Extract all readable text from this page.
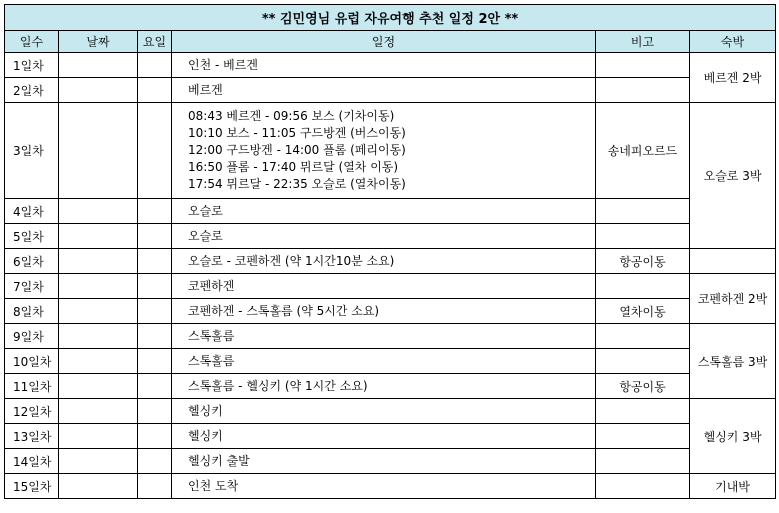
** 김민영님 유럽 자유여행 추천 일정 2안 **					
일수	날짜	요일	일정	비고	숙박
1일차			인천 - 베르겐		베르겐 2박
2일차			베르겐		

3일차			08:43 베르겐 - 09:56 보스 (기차이동)
10:10 보스 - 11:05 구드방겐 (버스이동)
12:00 구드방겐 - 14:00 플롬 (페리이동)
16:50 플롬 - 17:40 뮈르달 (열차 이동)
17:54 뮈르달 - 22:35 오슬로 (열차이동)	송네피오르드	오슬로 3박
4일차			오슬로		

5일차			오슬로		

6일차			오슬로 - 코펜하겐 (약 1시간10분 소요)	항공이동	
7일차			코펜하겐		코펜하겐 2박
8일차			코펜하겐 - 스톡홀름 (약 5시간 소요)	열차이동	
9일차			스톡홀름		스톡홀름 3박
10일차			스톡홀름		

11일차			스톡홀름 - 헬싱키 (약 1시간 소요)	항공이동	
12일차			헬싱키		헬싱키 3박
13일차			헬싱키		

14일차			헬싱키 출발		

15일차			인천 도착		기내박
